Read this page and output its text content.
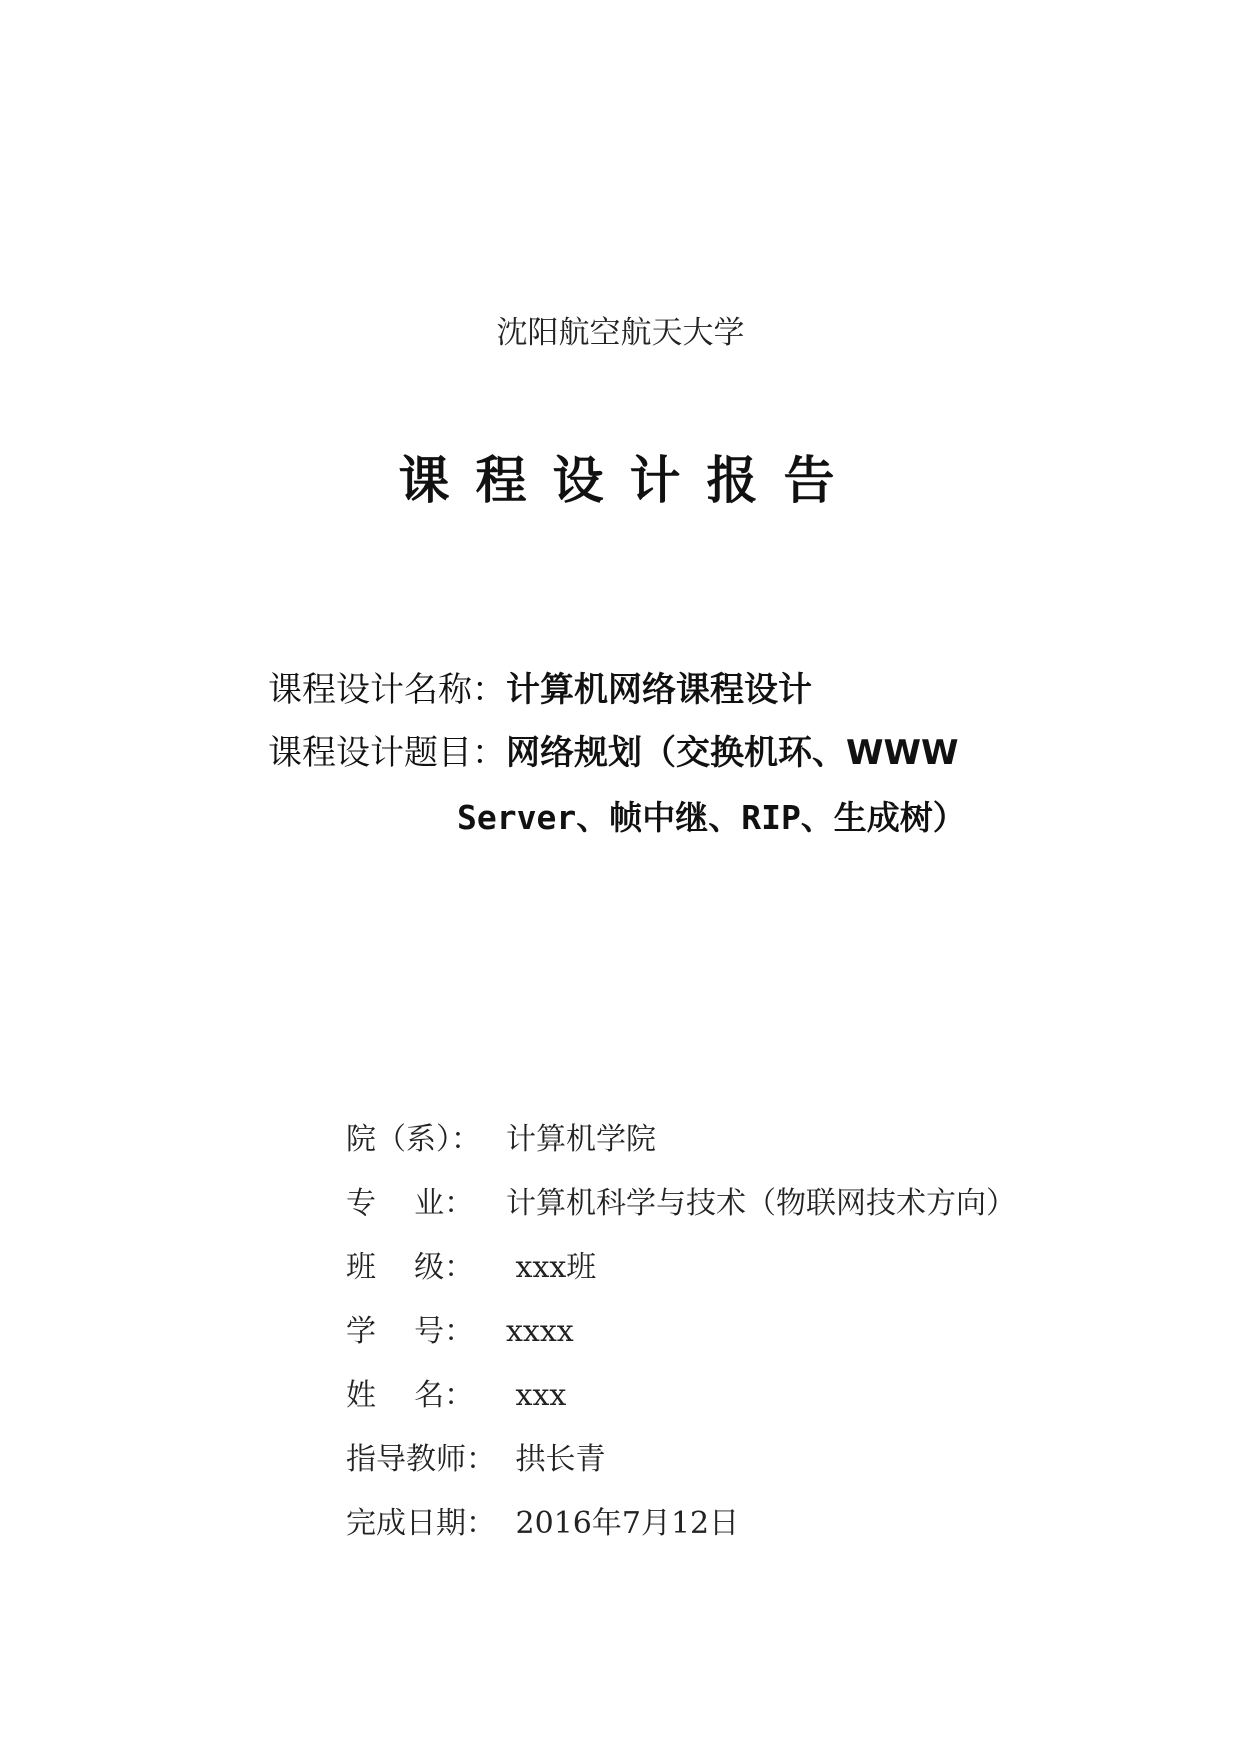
沈阳航空航天大学
课程设计报告
课程设计名称：计算机网络课程设计
课程设计题目：网络规划（交换机环、WWW
Server、帧中继、RIP、生成树）
院（系）： 计算机学院
专    业： 计算机科学与技术（物联网技术方向）
班    级： xxx班
学    号： xxxx
姓    名： xxx
指导教师： 拱长青
完成日期： 2016年7月12日
